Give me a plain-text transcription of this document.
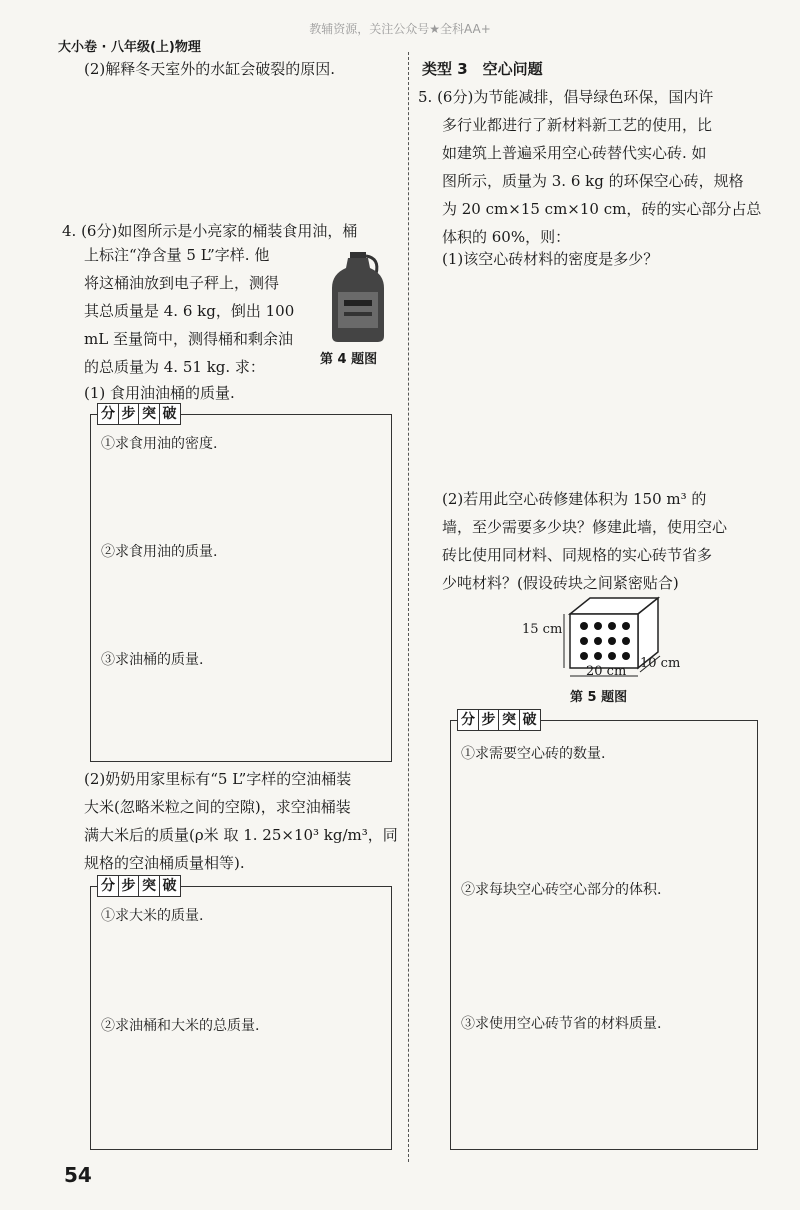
教辅资源，关注公众号★全科AA+
大小卷 · 八年级(上)物理
(2)解释冬天室外的水缸会破裂的原因.
4. (6分)如图所示是小亮家的桶装食用油，桶
上标注“净含量 5 L”字样. 他
将这桶油放到电子秤上，测得
其总质量是 4. 6 kg，倒出 100
mL 至量筒中，测得桶和剩余油
的总质量为 4. 51 kg. 求：	第 4 题图
(1) 食用油油桶的质量.
分 步 突 破
①求食用油的密度.
②求食用油的质量.
③求油桶的质量.
(2)奶奶用家里标有“5 L”字样的空油桶装
大米(忽略米粒之间的空隙)，求空油桶装
满大米后的质量(ρ米 取 1. 25×10³ kg/m³，同
规格的空油桶质量相等).
分 步 突 破
①求大米的质量.
②求油桶和大米的总质量.
54
类型 3　空心问题
5. (6分)为节能减排，倡导绿色环保，国内许
多行业都进行了新材料新工艺的使用，比
如建筑上普遍采用空心砖替代实心砖. 如
图所示，质量为 3. 6 kg 的环保空心砖，规格
为 20 cm×15 cm×10 cm，砖的实心部分占总
体积的 60%，则：
(1)该空心砖材料的密度是多少？
(2)若用此空心砖修建体积为 150 m³ 的
墙，至少需要多少块？修建此墙，使用空心
砖比使用同材料、同规格的实心砖节省多
少吨材料？(假设砖块之间紧密贴合)
15 cm
20 cm
10 cm
第 5 题图
分 步 突 破
①求需要空心砖的数量.
②求每块空心砖空心部分的体积.
③求使用空心砖节省的材料质量.
